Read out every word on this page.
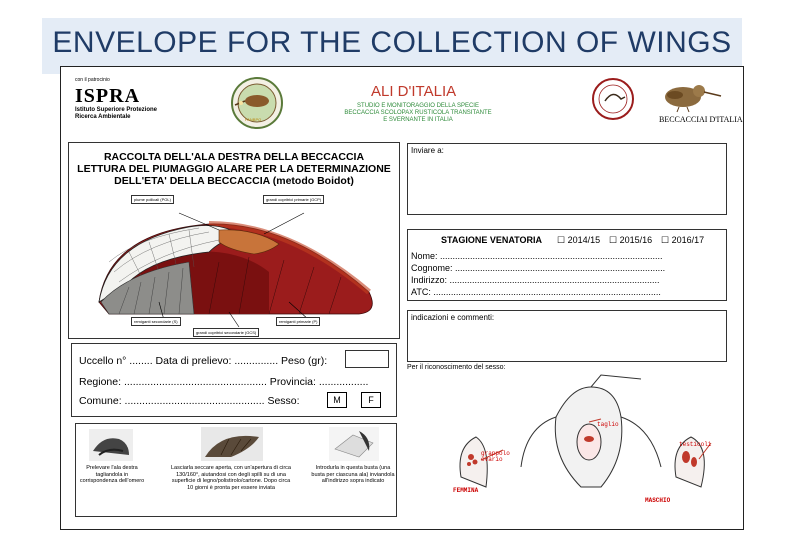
ENVELOPE FOR THE COLLECTION OF WINGS
con il patrocinio
ISPRA
Istituto Superiore Protezione Ricerca Ambientale	FANBPO
ALI D'ITALIA
STUDIO E MONITORAGGIO DELLA SPECIE BECCACCIA SCOLOPAX RUSTICOLA TRANSITANTE E SVERNANTE IN ITALIA	BECCACCIAI D'ITALIA
RACCOLTA DELL'ALA DESTRA DELLA BECCACCIA
LETTURA DEL PIUMAGGIO ALARE PER LA DETERMINAZIONE
DELL'ETA' DELLA BECCACCIA (metodo Boidot)
piume pollicali (POL)	grandi copritrici primarie (GCP)
remiganti secondarie (S)	remiganti primarie (P)
grandi copritrici secondarie (GCS)
Uccello n° ........ Data di prelievo: ............... Peso (gr):
Regione: ................................................. Provincia: .................
Comune: ................................................ Sesso:	M	F
Prelevare l'ala destra tagliandola in corrispondenza dell'omero
Lasciarla seccare aperta, con un'apertura di circa 130/160°, aiutandosi con degli spilli su di una superficie di legno/polistirolo/cartone. Dopo circa 10 giorni è pronta per essere inviata
Introdurla in questa busta (una busta per ciascuna ala) inviandola all'indirizzo sopra indicato
Inviare a:
STAGIONE VENATORIA ☐ 2014/15 ☐ 2015/16 ☐ 2016/17
Nome: .........................................................................................
Cognome: ....................................................................................
Indirizzo: ....................................................................................
ATC: ...........................................................................................
indicazioni e commenti:
Per il riconoscimento del sesso:
taglio
grappolo ovario
testicoli
FEMMINA
MASCHIO
